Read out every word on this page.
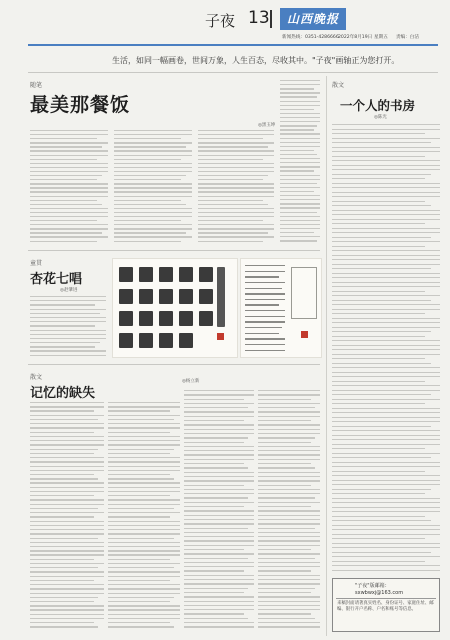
子夜 13	山西晚报
新闻热线：0351-4286666 2022年8月19日 星期五 责编：白洁
生活，如同一幅画卷，世间万象，人生百态，尽收其中。"子夜"画轴正为您打开。
随笔
最美那餐饭
◎黑玉坤
童贯
杏花七唱
◎赵肇进
散文
记忆的缺失
◎杨立新
散文
一个人的书房
◎陈光
"子夜"版邮箱：
sxwbwxj@163.com
来稿封面请著真实姓名、身份证号、家庭住址、邮编、银行开户名称、户名和账号等信息。
